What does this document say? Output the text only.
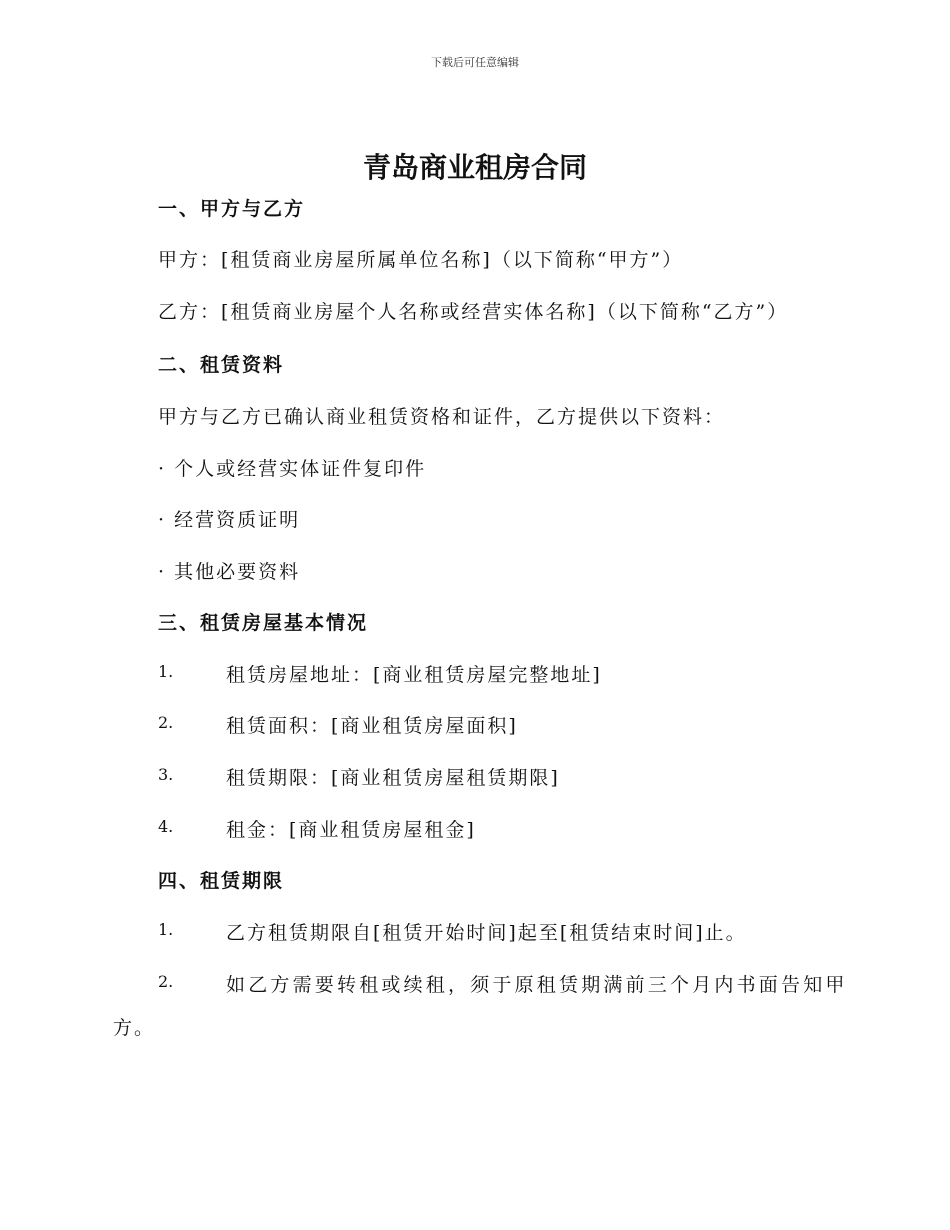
下载后可任意编辑
青岛商业租房合同
一、甲方与乙方
甲方：[租赁商业房屋所属单位名称]（以下简称“甲方”）
乙方：[租赁商业房屋个人名称或经营实体名称]（以下简称“乙方”）
二、租赁资料
甲方与乙方已确认商业租赁资格和证件，乙方提供以下资料：
· 个人或经营实体证件复印件
· 经营资质证明
· 其他必要资料
三、租赁房屋基本情况
1.	租赁房屋地址：[商业租赁房屋完整地址]
2.	租赁面积：[商业租赁房屋面积]
3.	租赁期限：[商业租赁房屋租赁期限]
4.	租金：[商业租赁房屋租金]
四、租赁期限
1.	乙方租赁期限自[租赁开始时间]起至[租赁结束时间]止。
2.	如乙方需要转租或续租，须于原租赁期满前三个月内书面告知甲
方。
